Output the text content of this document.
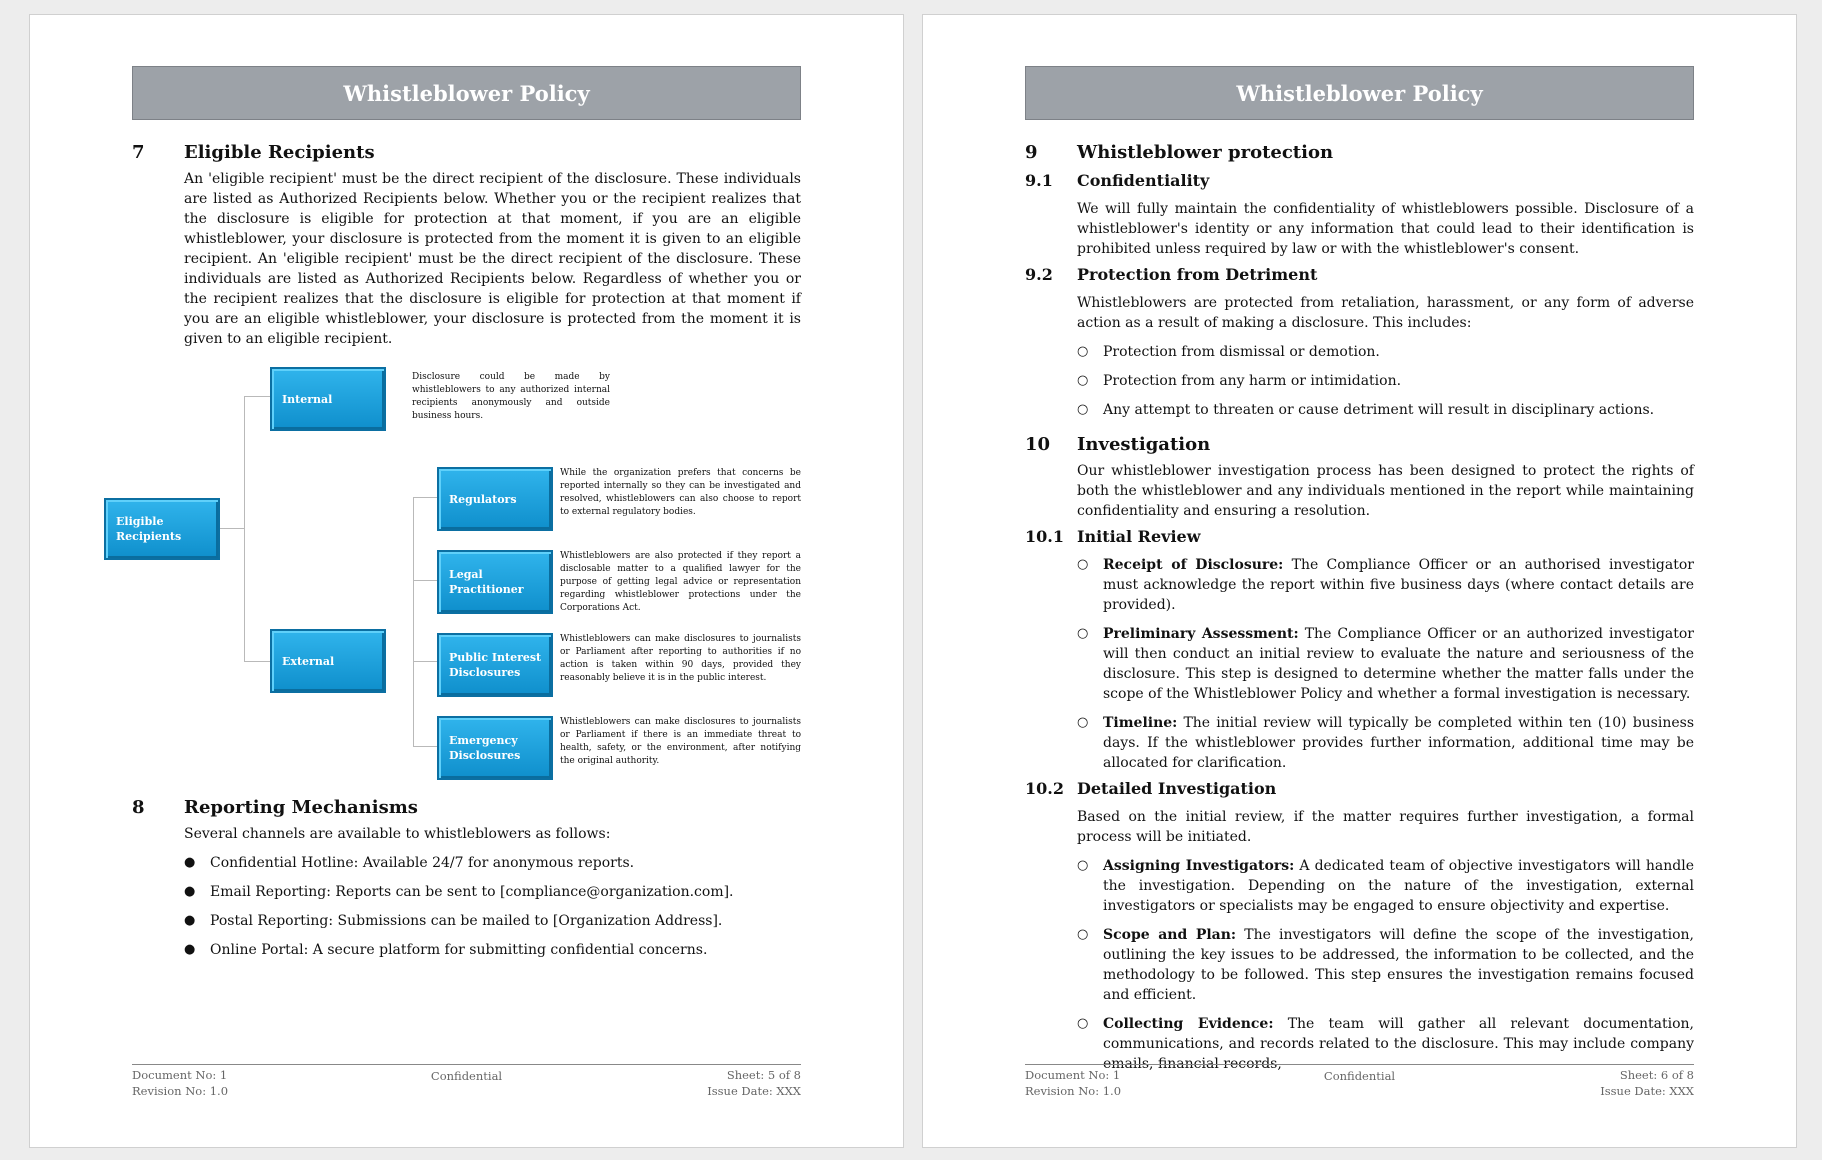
Whistleblower Policy
7	Eligible Recipients
An 'eligible recipient' must be the direct recipient of the disclosure. These individuals are listed as Authorized Recipients below. Whether you or the recipient realizes that the disclosure is eligible for protection at that moment, if you are an eligible whistleblower, your disclosure is protected from the moment it is given to an eligible recipient. An 'eligible recipient' must be the direct recipient of the disclosure. These individuals are listed as Authorized Recipients below. Regardless of whether you or the recipient realizes that the disclosure is eligible for protection at that moment if you are an eligible whistleblower, your disclosure is protected from the moment it is given to an eligible recipient.
Eligible Recipients
Internal
Disclosure could be made by whistleblowers to any authorized internal recipients anonymously and outside business hours.
External
Regulators
While the organization prefers that concerns be reported internally so they can be investigated and resolved, whistleblowers can also choose to report to external regulatory bodies.
Legal Practitioner
Whistleblowers are also protected if they report a disclosable matter to a qualified lawyer for the purpose of getting legal advice or representation regarding whistleblower protections under the Corporations Act.
Public Interest Disclosures
Whistleblowers can make disclosures to journalists or Parliament after reporting to authorities if no action is taken within 90 days, provided they reasonably believe it is in the public interest.
Emergency Disclosures
Whistleblowers can make disclosures to journalists or Parliament if there is an immediate threat to health, safety, or the environment, after notifying the original authority.
8	Reporting Mechanisms
Several channels are available to whistleblowers as follows:
●	Confidential Hotline: Available 24/7 for anonymous reports.
●	Email Reporting: Reports can be sent to [compliance@organization.com].
●	Postal Reporting: Submissions can be mailed to [Organization Address].
●	Online Portal: A secure platform for submitting confidential concerns.
Confidential
Document No: 1	Sheet: 5 of 8
Revision No: 1.0	Issue Date: XXX
Whistleblower Policy
9	Whistleblower protection
9.1	Confidentiality
We will fully maintain the confidentiality of whistleblowers possible. Disclosure of a whistleblower's identity or any information that could lead to their identification is prohibited unless required by law or with the whistleblower's consent.
9.2	Protection from Detriment
Whistleblowers are protected from retaliation, harassment, or any form of adverse action as a result of making a disclosure. This includes:
○	Protection from dismissal or demotion.
○	Protection from any harm or intimidation.
○	Any attempt to threaten or cause detriment will result in disciplinary actions.
10	Investigation
Our whistleblower investigation process has been designed to protect the rights of both the whistleblower and any individuals mentioned in the report while maintaining confidentiality and ensuring a resolution.
10.1 Initial Review
○	Receipt of Disclosure: The Compliance Officer or an authorised investigator must acknowledge the report within five business days (where contact details are provided).
○	Preliminary Assessment: The Compliance Officer or an authorized investigator will then conduct an initial review to evaluate the nature and seriousness of the disclosure. This step is designed to determine whether the matter falls under the scope of the Whistleblower Policy and whether a formal investigation is necessary.
○	Timeline: The initial review will typically be completed within ten (10) business days. If the whistleblower provides further information, additional time may be allocated for clarification.
10.2 Detailed Investigation
Based on the initial review, if the matter requires further investigation, a formal process will be initiated.
○	Assigning Investigators: A dedicated team of objective investigators will handle the investigation. Depending on the nature of the investigation, external investigators or specialists may be engaged to ensure objectivity and expertise.
○	Scope and Plan: The investigators will define the scope of the investigation, outlining the key issues to be addressed, the information to be collected, and the methodology to be followed. This step ensures the investigation remains focused and efficient.
○	Collecting Evidence: The team will gather all relevant documentation, communications, and records related to the disclosure. This may include company emails, financial records,
Confidential
Document No: 1	Sheet: 6 of 8
Revision No: 1.0	Issue Date: XXX
